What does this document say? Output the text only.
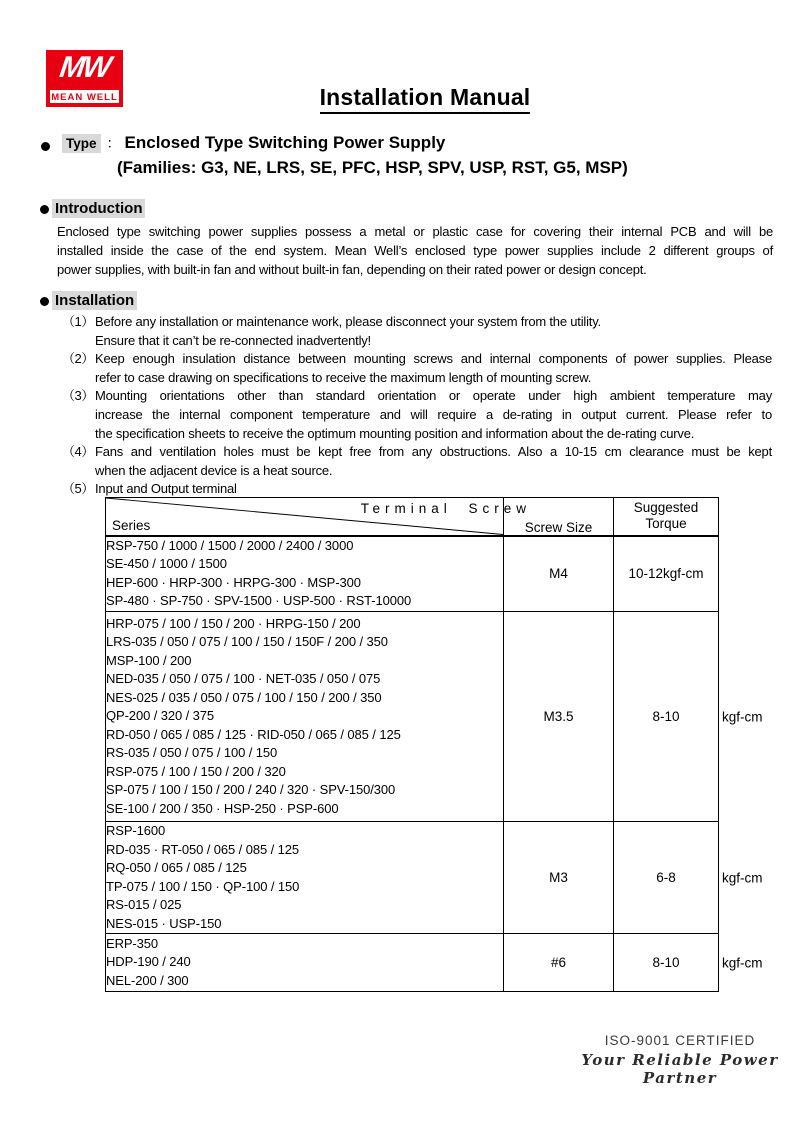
MW
MEAN WELL	Installation Manual
Type ： Enclosed Type Switching Power Supply
(Families: G3, NE, LRS, SE, PFC, HSP, SPV, USP, RST, G5, MSP)
Introduction
Enclosed type switching power supplies possess a metal or plastic case for covering their internal PCB and will be
installed inside the case of the end system. Mean Well’s enclosed type power supplies include 2 different groups of
power supplies, with built-in fan and without built-in fan, depending on their rated power or design concept.
Installation
（1） Before any installation or maintenance work, please disconnect your system from the utility.
Ensure that it can’t be re-connected inadvertently!
（2） Keep enough insulation distance between mounting screws and internal components of power supplies. Please
refer to case drawing on specifications to receive the maximum length of mounting screw.
（3） Mounting orientations other than standard orientation or operate under high ambient temperature may
increase the internal component temperature and will require a de-rating in output current. Please refer to
the specification sheets to receive the optimum mounting position and information about the de-rating curve.
（4） Fans and ventilation holes must be kept free from any obstructions. Also a 10-15 cm clearance must be kept
when the adjacent device is a heat source.
（5） Input and Output terminal
Terminal Screw
Series	Screw Size	
Suggested
Torque

RSP-750 / 1000 / 1500 / 2000 / 2400 / 3000
SE-450 / 1000 / 1500
HEP-600 · HRP-300 · HRPG-300 · MSP-300
SP-480 · SP-750 · SPV-1500 · USP-500 · RST-10000	M4	10-12kgf-cm

HRP-075 / 100 / 150 / 200 · HRPG-150 / 200
LRS-035 / 050 / 075 / 100 / 150 / 150F / 200 / 350
MSP-100 / 200
NED-035 / 050 / 075 / 100 · NET-035 / 050 / 075
NES-025 / 035 / 050 / 075 / 100 / 150 / 200 / 350
QP-200 / 320 / 375
RD-050 / 065 / 085 / 125 · RID-050 / 065 / 085 / 125
RS-035 / 050 / 075 / 100 / 150
RSP-075 / 100 / 150 / 200 / 320
SP-075 / 100 / 150 / 200 / 240 / 320 · SPV-150/300
SE-100 / 200 / 350 · HSP-250 · PSP-600
	M3.5	8-10	kgf-cm

RSP-1600
RD-035 · RT-050 / 065 / 085 / 125
RQ-050 / 065 / 085 / 125
TP-075 / 100 / 150 · QP-100 / 150
RS-015 / 025
NES-015 · USP-150
	M3	6-8	kgf-cm

ERP-350
HDP-190 / 240
NEL-200 / 300
	#6	8-10	kgf-cm
ISO-9001 CERTIFIED
Your Reliable Power Partner
